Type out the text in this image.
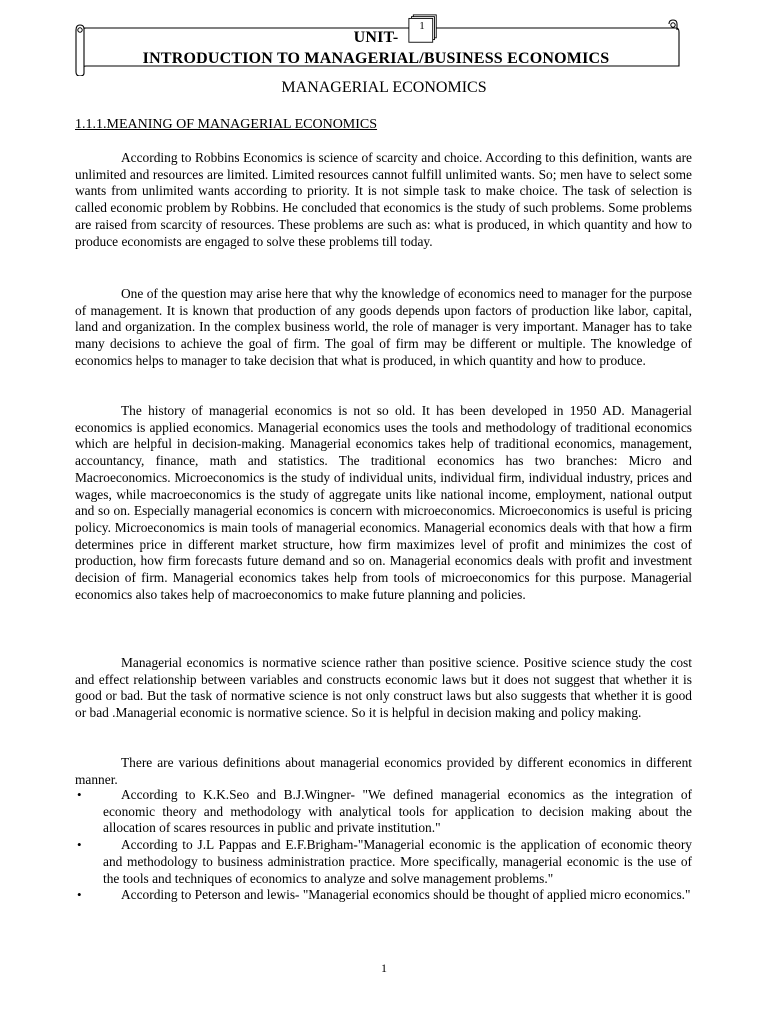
UNIT-
INTRODUCTION TO MANAGERIAL/BUSINESS ECONOMICS
1
MANAGERIAL ECONOMICS
1.1.1.MEANING OF MANAGERIAL ECONOMICS

According to Robbins Economics is science of scarcity and choice. According to this definition, wants are unlimited and resources are limited. Limited resources cannot fulfill unlimited wants. So; men have to select some wants from unlimited wants according to priority. It is not simple task to make choice. The task of selection is called economic problem by Robbins. He concluded that economics is the study of such problems. Some problems are raised from scarcity of resources. These problems are such as: what is produced, in which quantity and how to produce economists are engaged to solve these problems till today.

One of the question may arise here that why the knowledge of economics need to manager for the purpose of management. It is known that production of any goods depends upon factors of production like labor, capital, land and organization. In the complex business world, the role of manager is very important. Manager has to take many decisions to achieve the goal of firm. The goal of firm may be different or multiple. The knowledge of economics helps to manager to take decision that what is produced, in which quantity and how to produce.

The history of managerial economics is not so old. It has been developed in 1950 AD. Managerial economics is applied economics. Managerial economics uses the tools and methodology of traditional economics which are helpful in decision-making. Managerial economics takes help of traditional economics, management, accountancy, finance, math and statistics. The traditional economics has two branches: Micro and Macroeconomics. Microeconomics is the study of individual units, individual firm, individual industry, prices and wages, while macroeconomics is the study of aggregate units like national income, employment, national output and so on. Especially managerial economics is concern with microeconomics. Microeconomics is useful is pricing policy. Microeconomics is main tools of managerial economics. Managerial economics deals with that how a firm determines price in different market structure, how firm maximizes level of profit and minimizes the cost of production, how firm forecasts future demand and so on. Managerial economics deals with profit and investment decision of firm. Managerial economics takes help from tools of microeconomics for this purpose. Managerial economics also takes help of macroeconomics to make future planning and policies.

Managerial economics is normative science rather than positive science. Positive science study the cost and effect relationship between variables and constructs economic laws but it does not suggest that whether it is good or bad. But the task of normative science is not only construct laws but also suggests that whether it is good or bad .Managerial economic is normative science. So it is helpful in decision making and policy making.

There are various definitions about managerial economics provided by different economics in different manner.

•	According to K.K.Seo and B.J.Wingner- "We defined managerial economics as the integration of economic theory and methodology with analytical tools for application to decision making about the allocation of scares resources in public and private institution."
•	According to J.L Pappas and E.F.Brigham-"Managerial economic is the application of economic theory and methodology to business administration practice. More specifically, managerial economic is the use of the tools and techniques of economics to analyze and solve management problems."
•	According to Peterson and lewis- "Managerial economics should be thought of applied micro economics."
1
